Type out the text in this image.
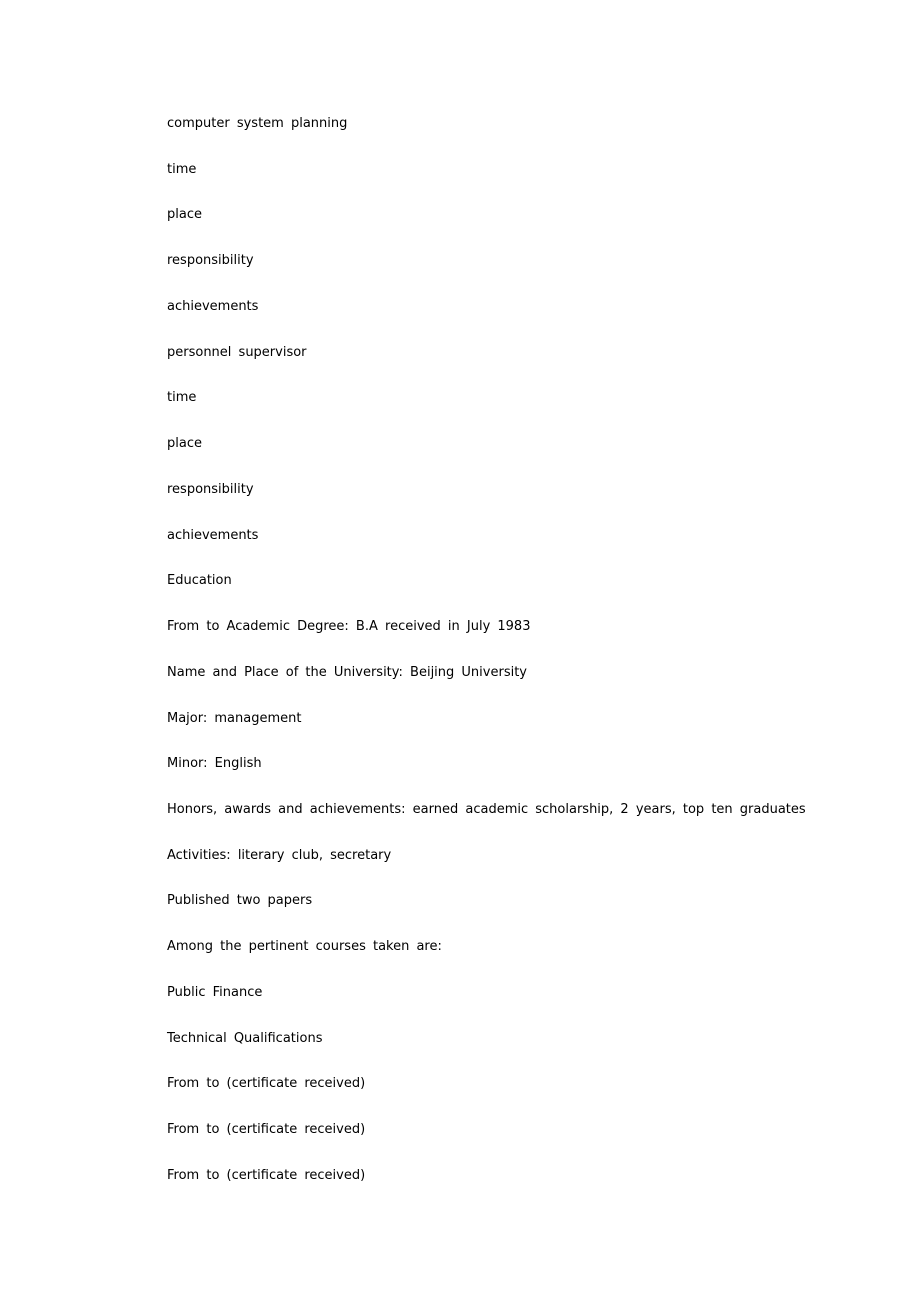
computer system planning
time
place
responsibility
achievements
personnel supervisor
time
place
responsibility
achievements
Education
From to Academic Degree: B.A received in July 1983
Name and Place of the University: Beijing University
Major: management
Minor: English
Honors, awards and achievements: earned academic scholarship, 2 years, top ten graduates
Activities: literary club, secretary
Published two papers
Among the pertinent courses taken are:
Public Finance
Technical Qualifications
From to (certificate received)
From to (certificate received)
From to (certificate received)
